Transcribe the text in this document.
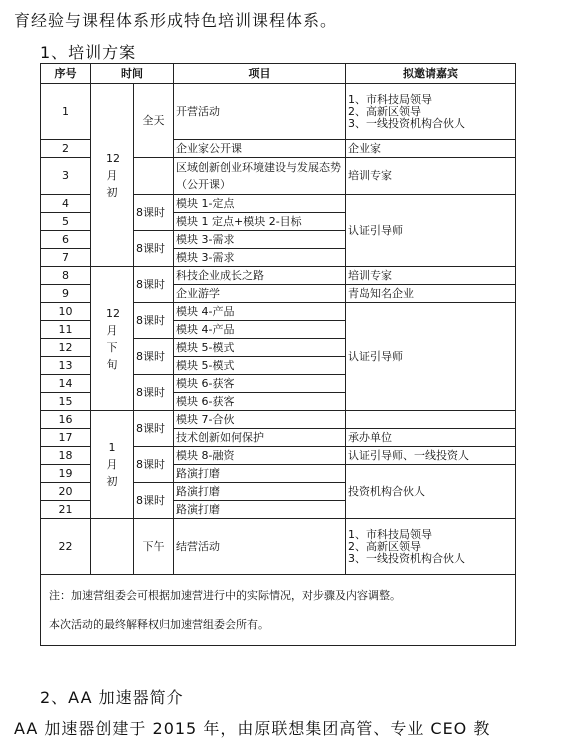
育经验与课程体系形成特色培训课程体系。
1、培训方案
序号	时间		项目	拟邀请嘉宾
1	12月初	全天	开营活动	1、市科技局领导
2、高新区领导
3、一线投资机构合伙人

2			企业家公开课	企业家
3			区域创新创业环境建设与发展态势（公开课）	培训专家
4		8课时	模块 1-定点	认证引导师
5			模块 1 定点+模块 2-目标	
6		8课时	模块 3-需求	
7			模块 3-需求	
8	12月下旬	8课时	科技企业成长之路	培训专家
9			企业游学	青岛知名企业
10		8课时	模块 4-产品	认证引导师
11			模块 4-产品	
12		8课时	模块 5-模式	
13			模块 5-模式	
14		8课时	模块 6-获客	
15			模块 6-获客	
16	1月初	8课时	模块 7-合伙	
17			技术创新如何保护	承办单位
18		8课时	模块 8-融资	认证引导师、一线投资人
19			路演打磨	投资机构合伙人
20		8课时	路演打磨	
21			路演打磨	
22		下午	结营活动	1、市科技局领导
2、高新区领导
3、一线投资机构合伙人

注：加速营组委会可根据加速营进行中的实际情况，对步骤及内容调整。
本次活动的最终解释权归加速营组委会所有。				
2、AA 加速器简介
AA 加速器创建于 2015 年，由原联想集团高管、专业 CEO 教
